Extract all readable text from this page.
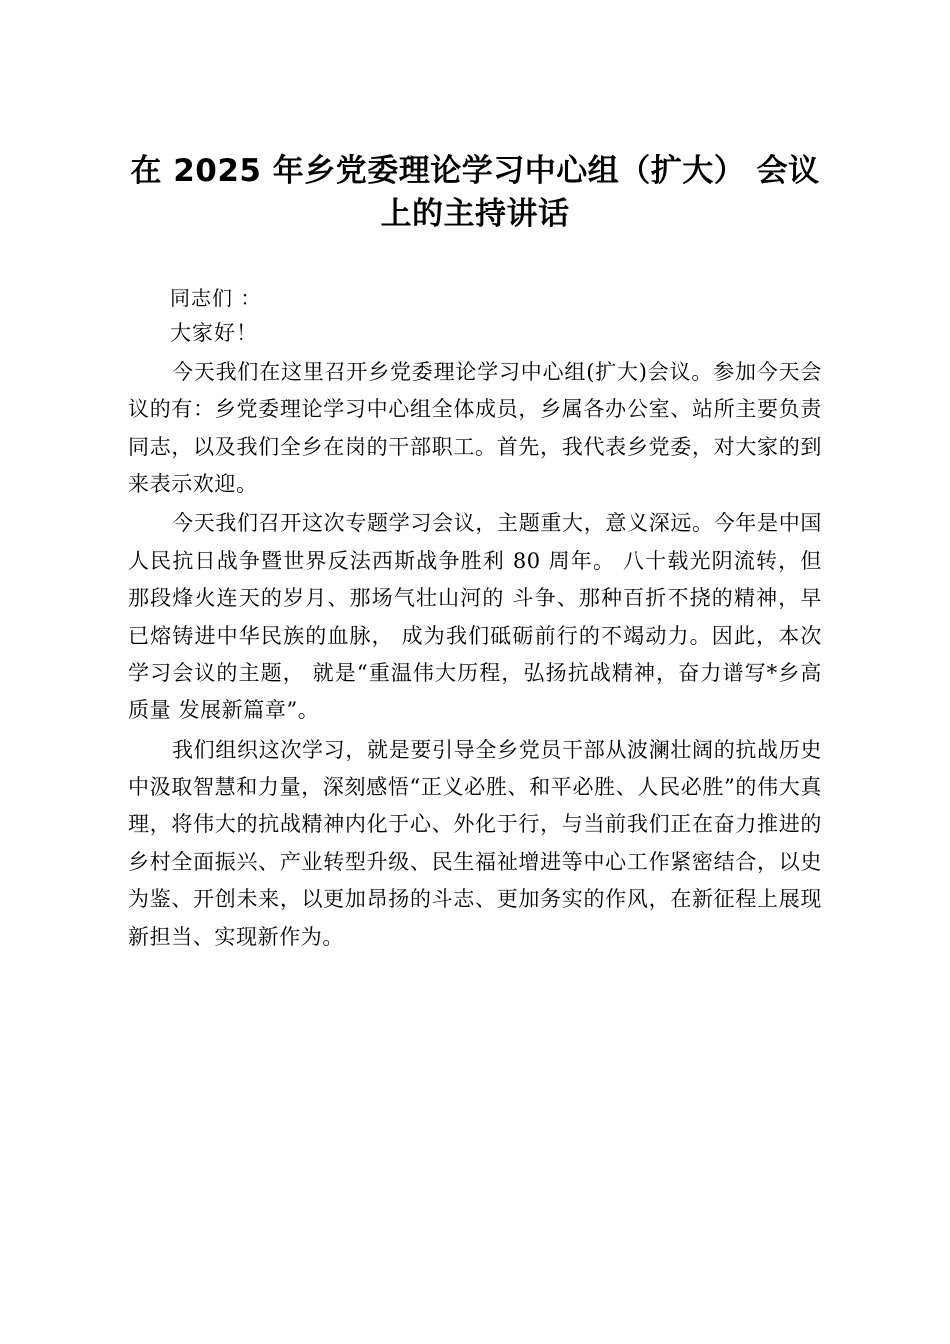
在 2025 年乡党委理论学习中心组（扩大） 会议上的主持讲话

同志们 ：

大家好！

今天我们在这里召开乡党委理论学习中心组(扩大)会议。参加今天会议的有：乡党委理论学习中心组全体成员，乡属各办公室、站所主要负责同志，以及我们全乡在岗的干部职工。首先，我代表乡党委，对大家的到来表示欢迎。

今天我们召开这次专题学习会议，主题重大，意义深远。今年是中国人民抗日战争暨世界反法西斯战争胜利 80 周年。 八十载光阴流转，但那段烽火连天的岁月、那场气壮山河的 斗争、那种百折不挠的精神，早已熔铸进中华民族的血脉， 成为我们砥砺前行的不竭动力。因此，本次学习会议的主题， 就是“重温伟大历程，弘扬抗战精神，奋力谱写*乡高质量 发展新篇章”。

我们组织这次学习，就是要引导全乡党员干部从波澜壮阔的抗战历史中汲取智慧和力量，深刻感悟“正义必胜、和平必胜、人民必胜”的伟大真理，将伟大的抗战精神内化于心、外化于行，与当前我们正在奋力推进的乡村全面振兴、产业转型升级、民生福祉增进等中心工作紧密结合，以史为鉴、开创未来，以更加昂扬的斗志、更加务实的作风，在新征程上展现新担当、实现新作为。
